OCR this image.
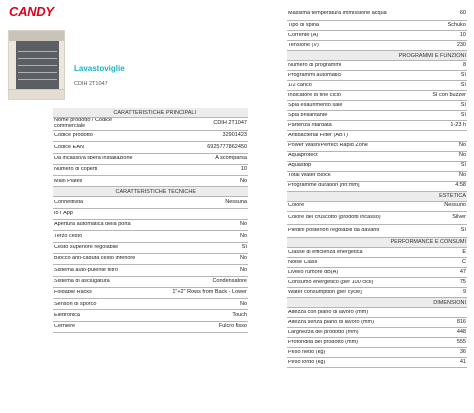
CANDY
Lavastoviglie
CDIH 2T1047
CARATTERISTICHE PRINCIPALI
Nome prodotto / Codice commerciale	CDIH 2T1047
Codice prodotto	32901423
Codice EAN	6925777862450
Da incasso/a libera installazione	A scomparsa
Numero di coperti	10
Maxi Plates	No
CARATTERISTICHE TECNICHE
Connettività	Nessuna
IoT App
Apertura automatica della porta	No
Terzo cesto	No
Cesto superiore regolabile	Sì
Blocco anti-caduta cesto inferiore	No
Sistema auto-pulente filtro	No
Sistema di asciugatura	Condensatore
Foldable Racks	1"+2" Rows from Back - Lower
Sensori di sporco	No
Elettronica	Touch
Cerniere	Fulcro fisso
Massima temperatura immissione acqua	60
Tipo di spina	Schuko
Corrente (A)	10
Tensione (V)	230
PROGRAMMI E FUNZIONI
Numero di programmi	8
Programmi automatici	Sì
1/2 carico	Sì
Indicatore di fine ciclo	Sì con buzzer
Spia esaurimento sale	Sì
Spia brillantante	Sì
Partenza ritardata	1-23 h
Antibacterial Filter (ABT)
Power Wash/Perfect Rapid Zone	No
Aquaprotect	No
Aquastop	Sì
Total Water Block	No
Programme duration [hh:mm]	4:58
ESTETICA
Colore	Nessuno
Colore del cruscotto (prodotti incasso)	Silver
Piedini posteriori regolabili da davanti	Sì
PERFORMANCE E CONSUMI
Classe di efficienza energetica	E
Noise Class	C
Livello rumore dB(A)	47
Consumo energetico (per 100 cicli)	75
Water consumption [per cycle]	9
DIMENSIONI
Altezza con piano di lavoro (mm)
Altezza senza piano di lavoro (mm)	816
Larghezza del prodotto (mm)	448
Profondità del prodotto (mm)	555
Peso netto (kg)	36
Peso lordo (kg)	41
